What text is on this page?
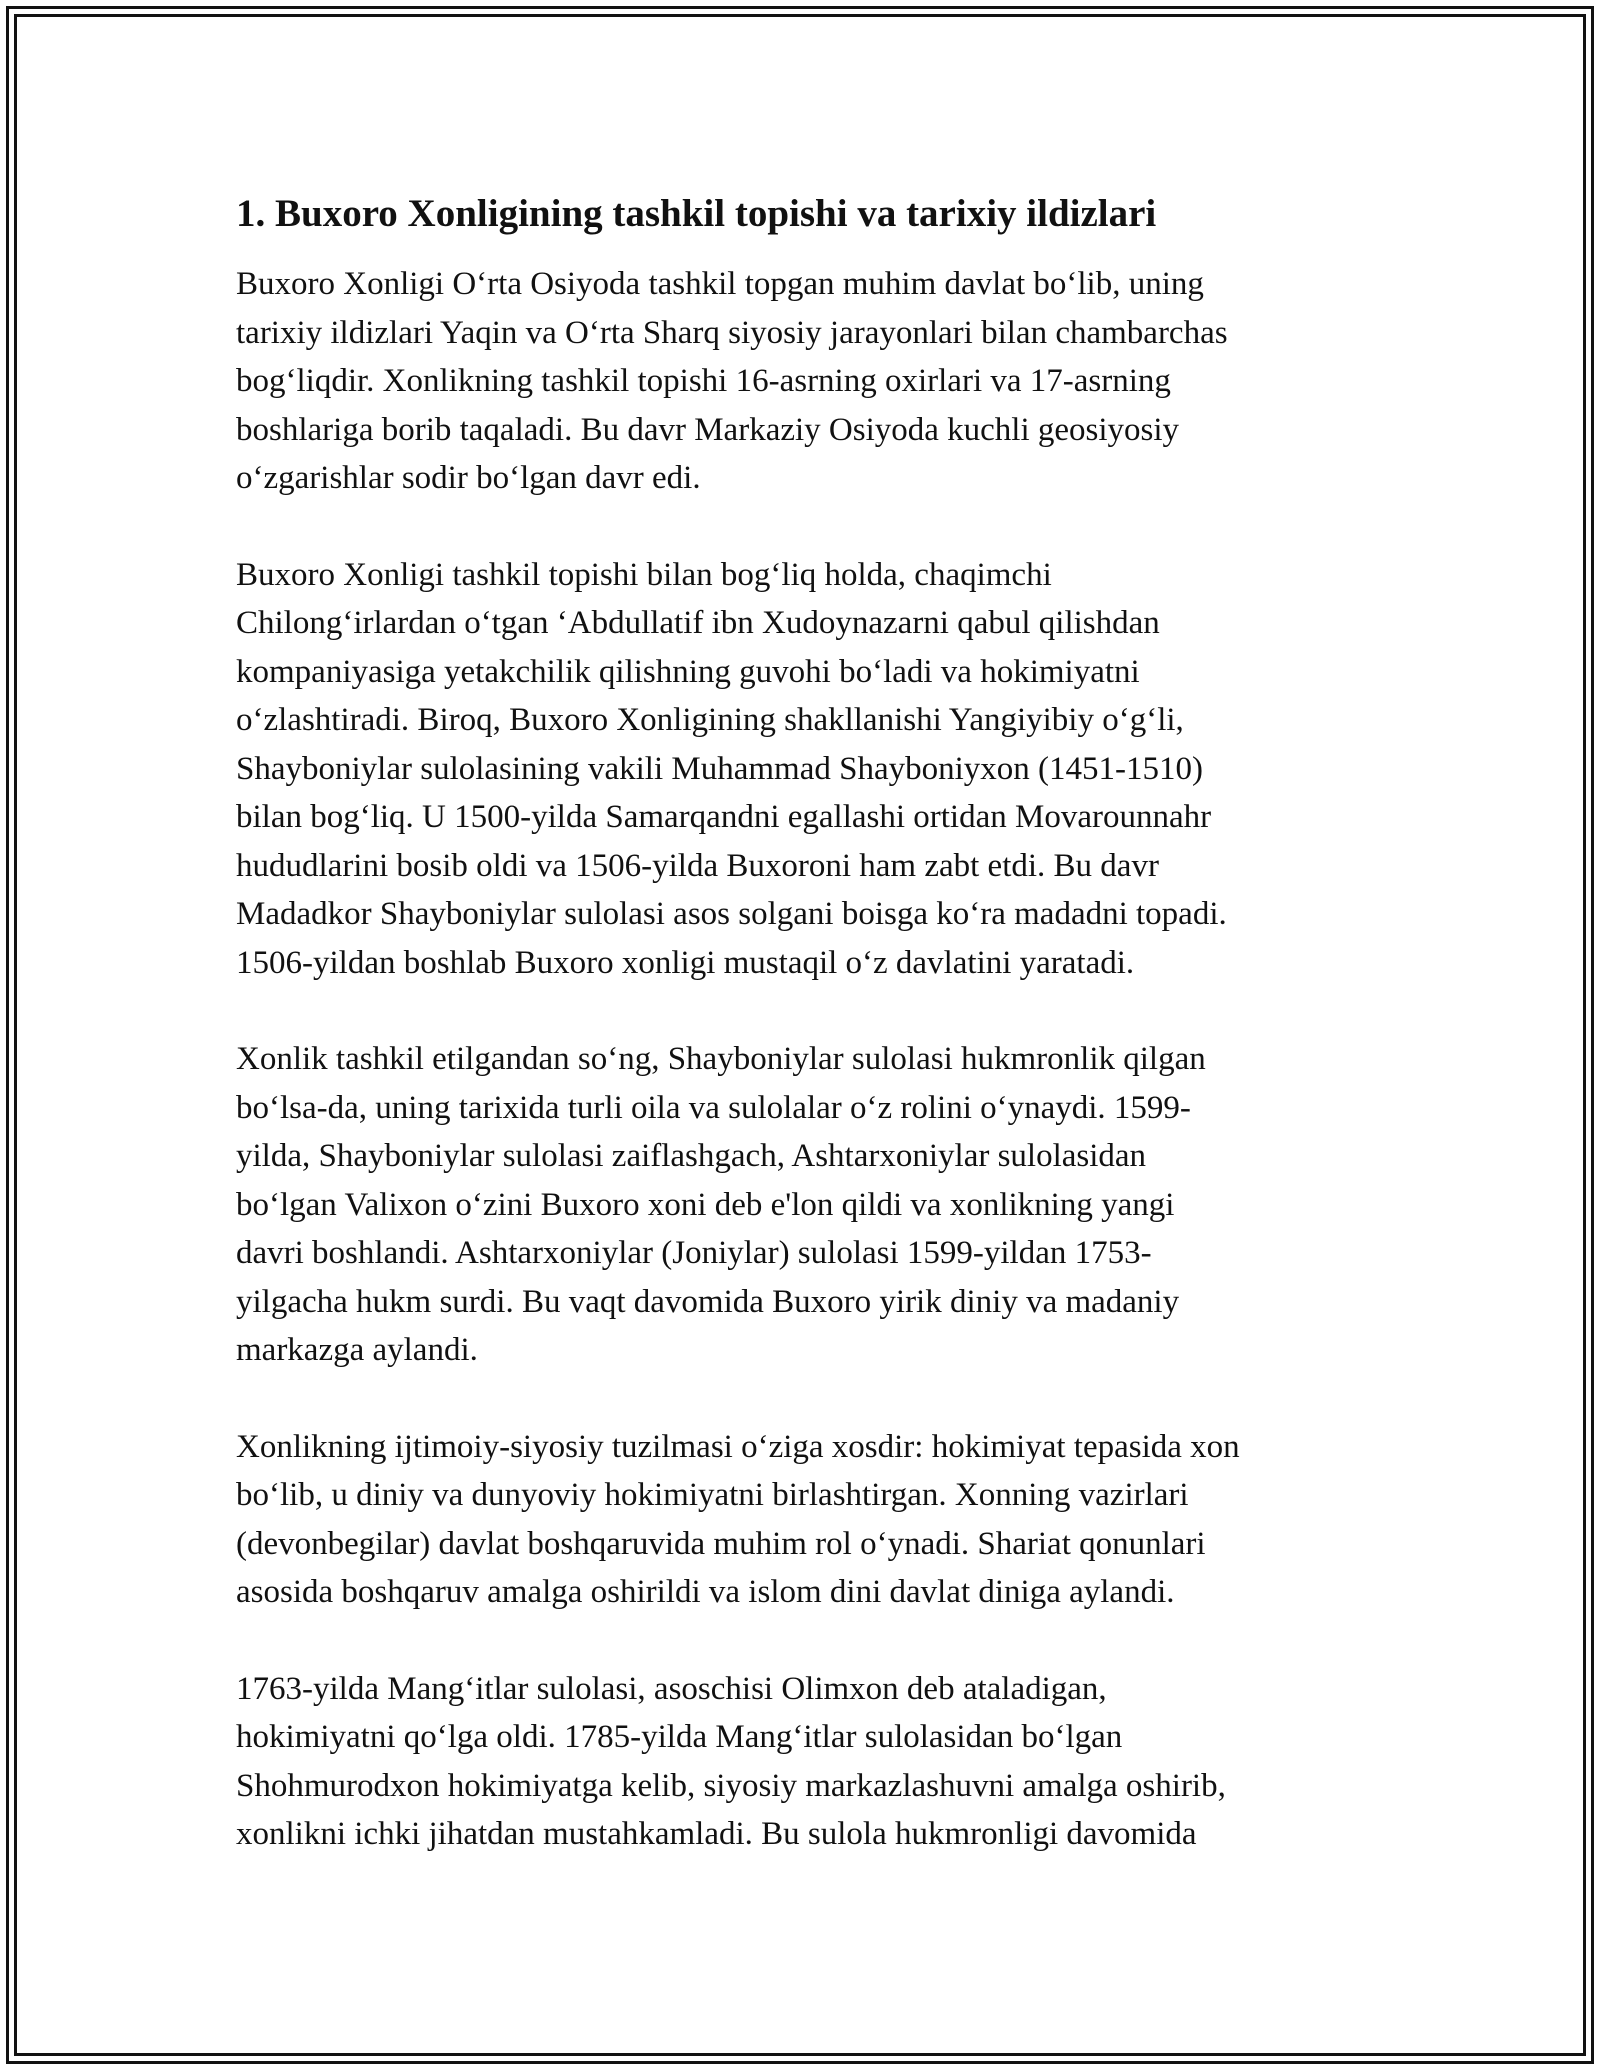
1. Buxoro Xonligining tashkil topishi va tarixiy ildizlari

Buxoro Xonligi O‘rta Osiyoda tashkil topgan muhim davlat bo‘lib, uning
tarixiy ildizlari Yaqin va O‘rta Sharq siyosiy jarayonlari bilan chambarchas
bog‘liqdir. Xonlikning tashkil topishi 16-asrning oxirlari va 17-asrning
boshlariga borib taqaladi. Bu davr Markaziy Osiyoda kuchli geosiyosiy
o‘zgarishlar sodir bo‘lgan davr edi.

Buxoro Xonligi tashkil topishi bilan bog‘liq holda, chaqimchi
Chilong‘irlardan o‘tgan ‘Abdullatif ibn Xudoynazarni qabul qilishdan
kompaniyasiga yetakchilik qilishning guvohi bo‘ladi va hokimiyatni
o‘zlashtiradi. Biroq, Buxoro Xonligining shakllanishi Yangiyibiy o‘g‘li,
Shayboniylar sulolasining vakili Muhammad Shayboniyxon (1451-1510)
bilan bog‘liq. U 1500-yilda Samarqandni egallashi ortidan Movarounnahr
hududlarini bosib oldi va 1506-yilda Buxoroni ham zabt etdi. Bu davr
Madadkor Shayboniylar sulolasi asos solgani boisga ko‘ra madadni topadi.
1506-yildan boshlab Buxoro xonligi mustaqil o‘z davlatini yaratadi.

Xonlik tashkil etilgandan so‘ng, Shayboniylar sulolasi hukmronlik qilgan
bo‘lsa-da, uning tarixida turli oila va sulolalar o‘z rolini o‘ynaydi. 1599-
yilda, Shayboniylar sulolasi zaiflashgach, Ashtarxoniylar sulolasidan
bo‘lgan Valixon o‘zini Buxoro xoni deb e'lon qildi va xonlikning yangi
davri boshlandi. Ashtarxoniylar (Joniylar) sulolasi 1599-yildan 1753-
yilgacha hukm surdi. Bu vaqt davomida Buxoro yirik diniy va madaniy
markazga aylandi.

Xonlikning ijtimoiy-siyosiy tuzilmasi o‘ziga xosdir: hokimiyat tepasida xon
bo‘lib, u diniy va dunyoviy hokimiyatni birlashtirgan. Xonning vazirlari
(devonbegilar) davlat boshqaruvida muhim rol o‘ynadi. Shariat qonunlari
asosida boshqaruv amalga oshirildi va islom dini davlat diniga aylandi.

1763-yilda Mang‘itlar sulolasi, asoschisi Olimxon deb ataladigan,
hokimiyatni qo‘lga oldi. 1785-yilda Mang‘itlar sulolasidan bo‘lgan
Shohmurodxon hokimiyatga kelib, siyosiy markazlashuvni amalga oshirib,
xonlikni ichki jihatdan mustahkamladi. Bu sulola hukmronligi davomida
